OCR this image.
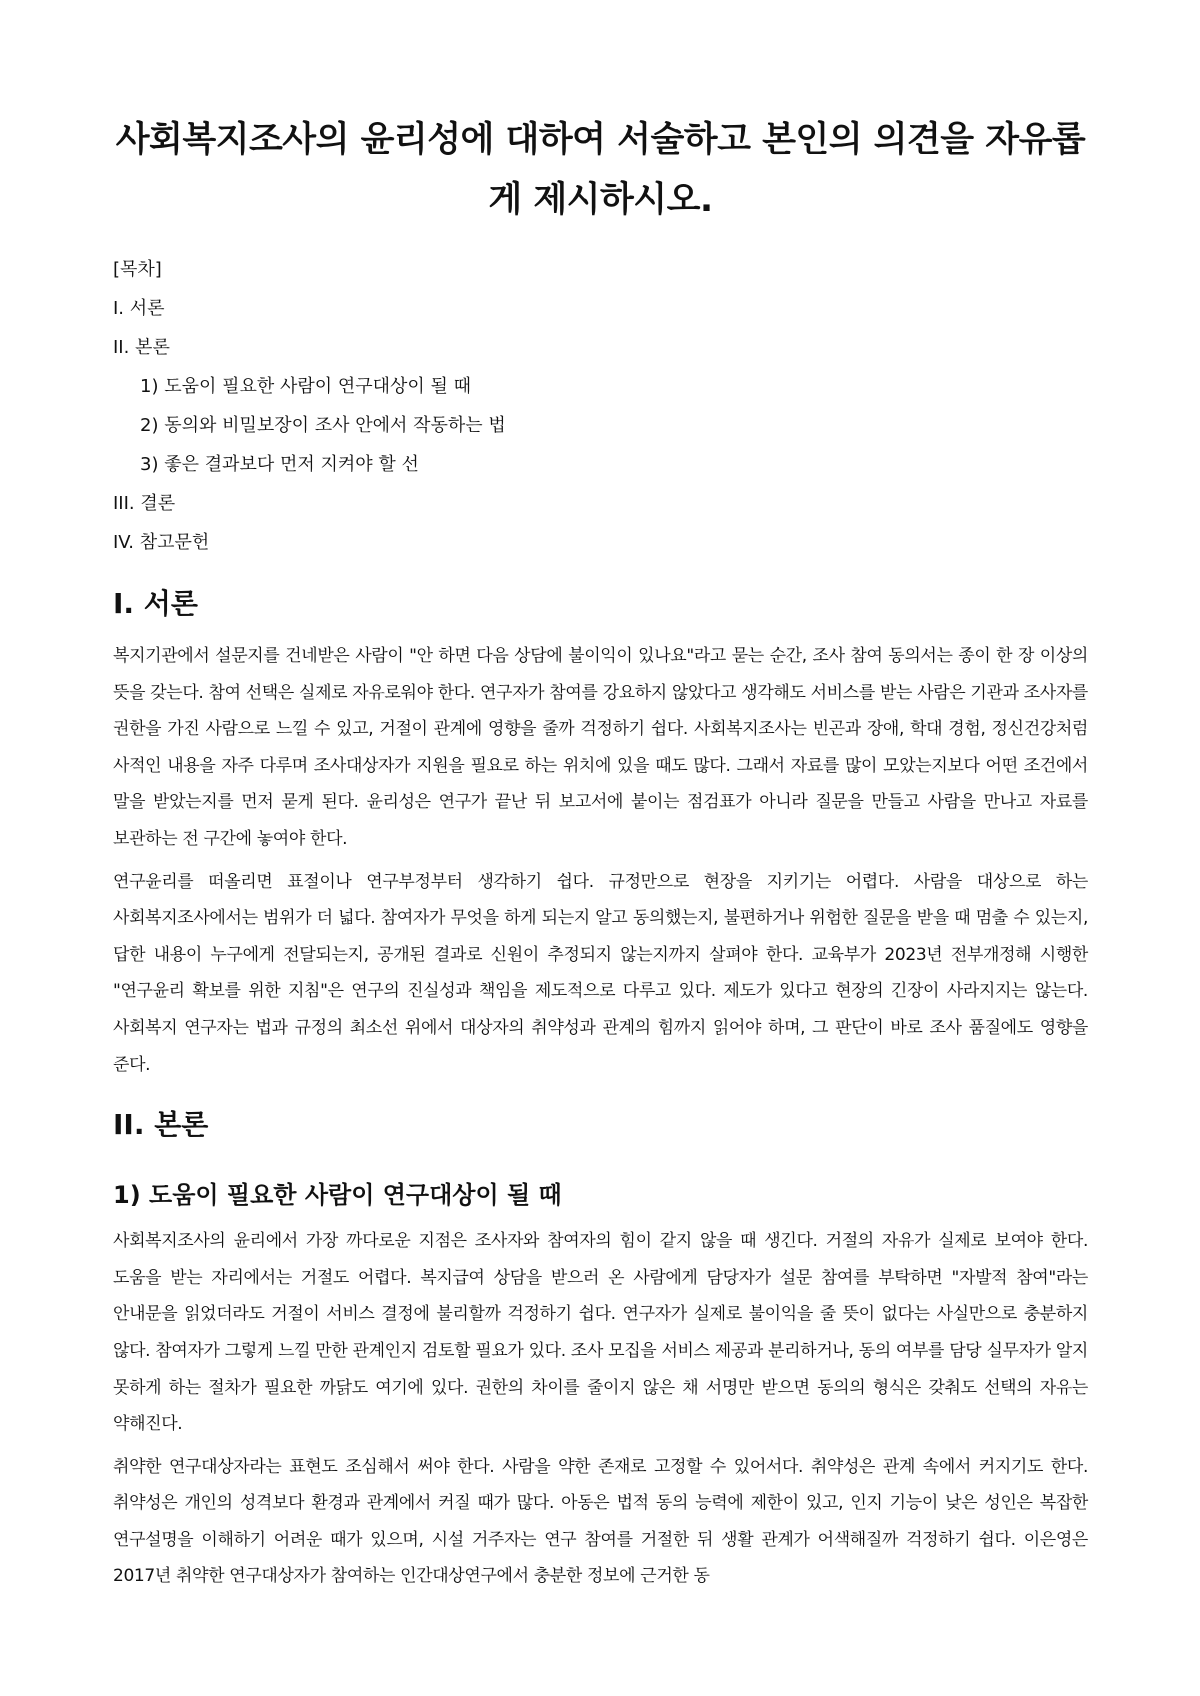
사회복지조사의 윤리성에 대하여 서술하고 본인의 의견을 자유롭게 제시하시오.
[목차]
I. 서론
II. 본론
1) 도움이 필요한 사람이 연구대상이 될 때
2) 동의와 비밀보장이 조사 안에서 작동하는 법
3) 좋은 결과보다 먼저 지켜야 할 선
III. 결론
IV. 참고문헌
I. 서론

복지기관에서 설문지를 건네받은 사람이 "안 하면 다음 상담에 불이익이 있나요"라고 묻는 순간, 조사 참여 동의서는 종이 한 장 이상의 뜻을 갖는다. 참여 선택은 실제로 자유로워야 한다. 연구자가 참여를 강요하지 않았다고 생각해도 서비스를 받는 사람은 기관과 조사자를 권한을 가진 사람으로 느낄 수 있고, 거절이 관계에 영향을 줄까 걱정하기 쉽다. 사회복지조사는 빈곤과 장애, 학대 경험, 정신건강처럼 사적인 내용을 자주 다루며 조사대상자가 지원을 필요로 하는 위치에 있을 때도 많다. 그래서 자료를 많이 모았는지보다 어떤 조건에서 말을 받았는지를 먼저 묻게 된다. 윤리성은 연구가 끝난 뒤 보고서에 붙이는 점검표가 아니라 질문을 만들고 사람을 만나고 자료를 보관하는 전 구간에 놓여야 한다.

연구윤리를 떠올리면 표절이나 연구부정부터 생각하기 쉽다. 규정만으로 현장을 지키기는 어렵다. 사람을 대상으로 하는 사회복지조사에서는 범위가 더 넓다. 참여자가 무엇을 하게 되는지 알고 동의했는지, 불편하거나 위험한 질문을 받을 때 멈출 수 있는지, 답한 내용이 누구에게 전달되는지, 공개된 결과로 신원이 추정되지 않는지까지 살펴야 한다. 교육부가 2023년 전부개정해 시행한 "연구윤리 확보를 위한 지침"은 연구의 진실성과 책임을 제도적으로 다루고 있다. 제도가 있다고 현장의 긴장이 사라지지는 않는다. 사회복지 연구자는 법과 규정의 최소선 위에서 대상자의 취약성과 관계의 힘까지 읽어야 하며, 그 판단이 바로 조사 품질에도 영향을 준다.

II. 본론
1) 도움이 필요한 사람이 연구대상이 될 때

사회복지조사의 윤리에서 가장 까다로운 지점은 조사자와 참여자의 힘이 같지 않을 때 생긴다. 거절의 자유가 실제로 보여야 한다. 도움을 받는 자리에서는 거절도 어렵다. 복지급여 상담을 받으러 온 사람에게 담당자가 설문 참여를 부탁하면 "자발적 참여"라는 안내문을 읽었더라도 거절이 서비스 결정에 불리할까 걱정하기 쉽다. 연구자가 실제로 불이익을 줄 뜻이 없다는 사실만으로 충분하지 않다. 참여자가 그렇게 느낄 만한 관계인지 검토할 필요가 있다. 조사 모집을 서비스 제공과 분리하거나, 동의 여부를 담당 실무자가 알지 못하게 하는 절차가 필요한 까닭도 여기에 있다. 권한의 차이를 줄이지 않은 채 서명만 받으면 동의의 형식은 갖춰도 선택의 자유는 약해진다.

취약한 연구대상자라는 표현도 조심해서 써야 한다. 사람을 약한 존재로 고정할 수 있어서다. 취약성은 관계 속에서 커지기도 한다. 취약성은 개인의 성격보다 환경과 관계에서 커질 때가 많다. 아동은 법적 동의 능력에 제한이 있고, 인지 기능이 낮은 성인은 복잡한 연구설명을 이해하기 어려운 때가 있으며, 시설 거주자는 연구 참여를 거절한 뒤 생활 관계가 어색해질까 걱정하기 쉽다. 이은영은 2017년 취약한 연구대상자가 참여하는 인간대상연구에서 충분한 정보에 근거한 동
